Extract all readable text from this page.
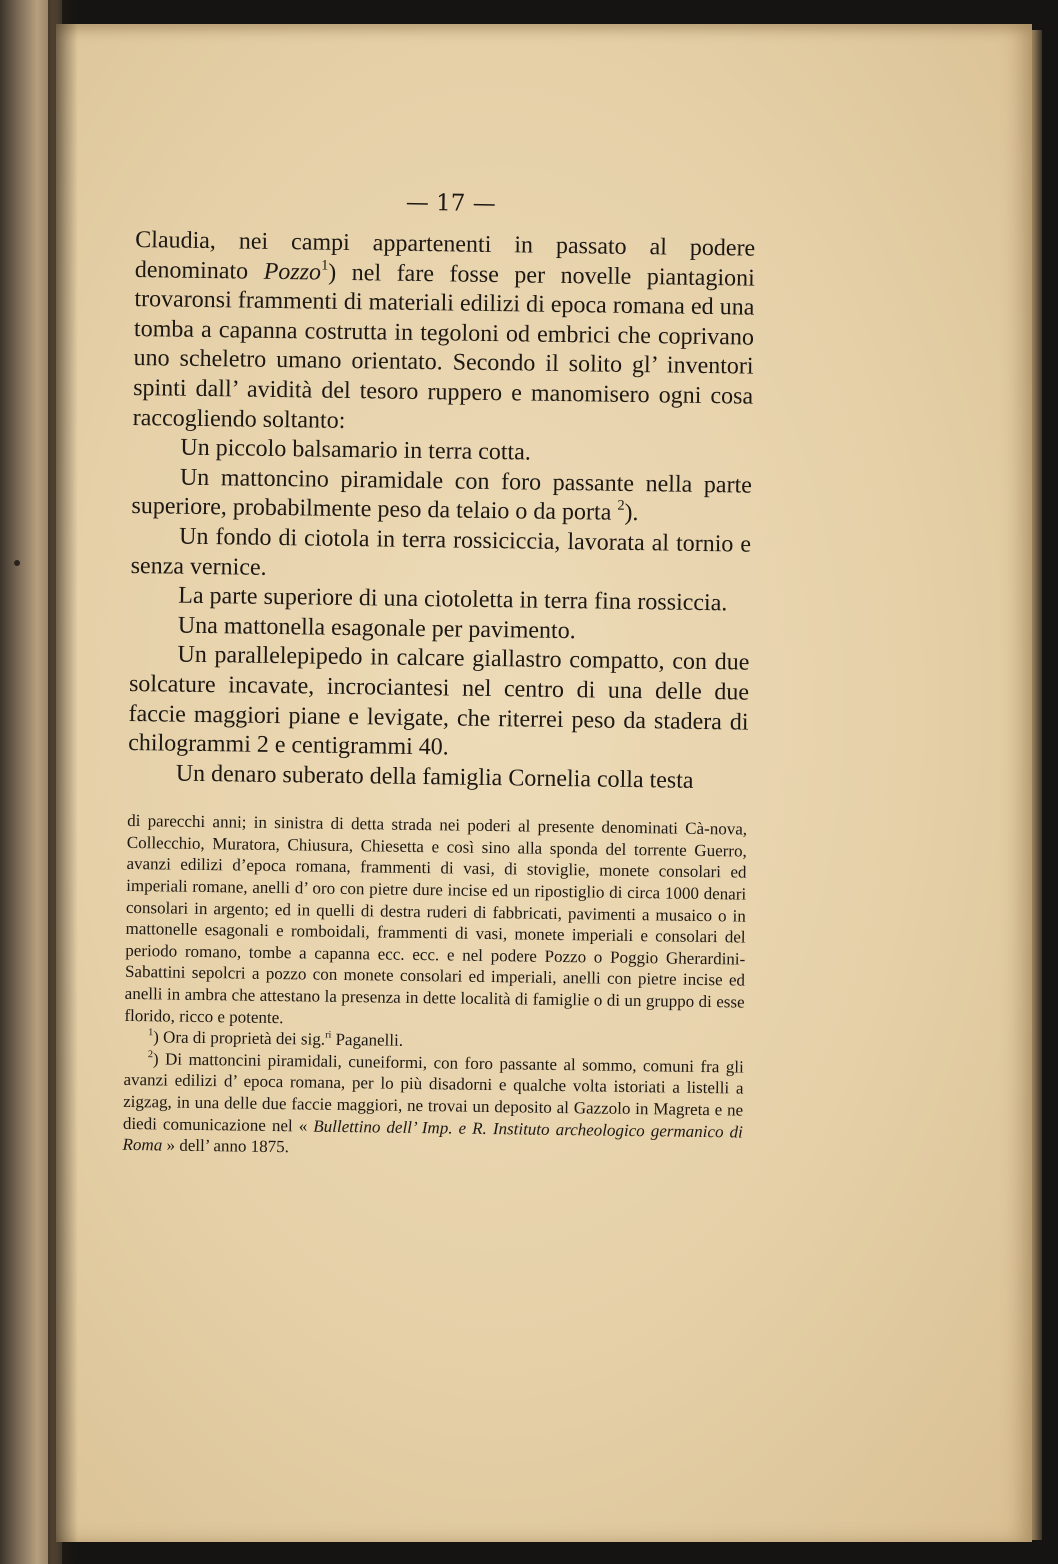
— 17 —
Claudia, nei campi appartenenti in passato al podere denominato Pozzo$^1$) nel fare fosse per novelle piantagioni trovaronsi frammenti di materiali edilizi di epoca romana ed una tomba a capanna costrutta in tegoloni od embrici che coprivano uno scheletro umano orientato. Secondo il solito gl’ inventori spinti dall’ avidità del tesoro ruppero e manomisero ogni cosa raccogliendo soltanto:
Un piccolo balsamario in terra cotta.
Un mattoncino piramidale con foro passante nella parte superiore, probabilmente peso da telaio o da porta $^2$).
Un fondo di ciotola in terra rossiciccia, lavorata al tornio e senza vernice.
La parte superiore di una ciotoletta in terra fina rossiccia.
Una mattonella esagonale per pavimento.
Un parallelepipedo in calcare giallastro compatto, con due solcature incavate, incrociantesi nel centro di una delle due faccie maggiori piane e levigate, che riterrei peso da stadera di chilogrammi 2 e centigrammi 40.
Un denaro suberato della famiglia Cornelia colla testa
di parecchi anni; in sinistra di detta strada nei poderi al presente denominati Cà-nova, Collecchio, Muratora, Chiusura, Chiesetta e così sino alla sponda del torrente Guerro, avanzi edilizi d’epoca romana, frammenti di vasi, di stoviglie, monete consolari ed imperiali romane, anelli d’ oro con pietre dure incise ed un ripostiglio di circa 1000 denari consolari in argento; ed in quelli di destra ruderi di fabbricati, pavimenti a musaico o in mattonelle esagonali e romboidali, frammenti di vasi, monete imperiali e consolari del periodo romano, tombe a capanna ecc. ecc. e nel podere Pozzo o Poggio Gherardini-Sabattini sepolcri a pozzo con monete consolari ed imperiali, anelli con pietre incise ed anelli in ambra che attestano la presenza in dette località di famiglie o di un gruppo di esse florido, ricco e potente.
$^1$) Ora di proprietà dei sig.$^{ri}$ Paganelli.
$^2$) Di mattoncini piramidali, cuneiformi, con foro passante al sommo, comuni fra gli avanzi edilizi d’ epoca romana, per lo più disadorni e qualche volta istoriati a listelli a zigzag, in una delle due faccie maggiori, ne trovai un deposito al Gazzolo in Magreta e ne diedi comunicazione nel « Bullettino dell’ Imp. e R. Instituto archeologico germanico di Roma » dell’ anno 1875.
